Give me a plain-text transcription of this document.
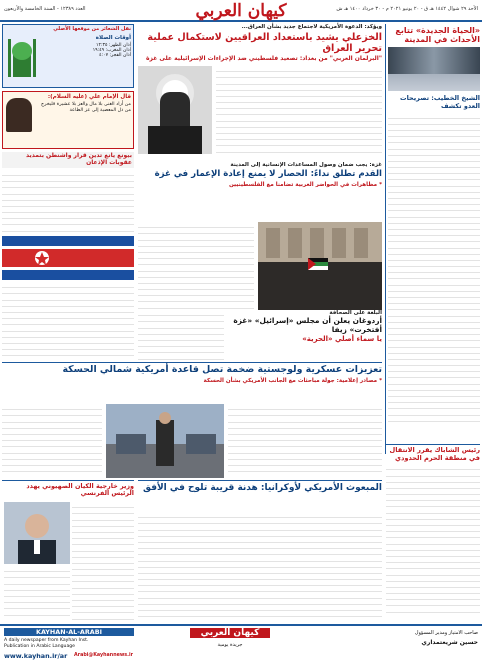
كيهان العربي	الأحد ٢٩ شوال ١٤٤٢ هـ ق - ٢٠ يونيو ٢٠٢١ م - ٣٠ خرداد ١٤٠٠ هـ ش
العدد ١٢٣٨٩ - السنة الخامسة والأربعون
«الحياة الجديدة» تتابع الأحداث في المدينة
الشيخ الخطيب: تصريحات العدو تكشف
ويؤكد: الدعوة الأمريكية لاجتماع جديد بشأن العراق...
الخزعلي يشيد باستعداد العراقيين لاستكمال عملية تحرير العراق
"البرلمان العربي" من بغداد: تصعيد فلسطيني ضد الإجراءات الإسرائيلية على غزة
نقل الشعائر من موقعها الأصلي
أوقات الصلاة
أذان الظهر: ١٢:٣٥
أذان المغرب: ١٩:٤٩
أذان الفجر: ٤:٠٧
قال الإمام علي (عليه السلام):
من أراد الغنى بلا مال والعز بلا عشيرة فليخرج من ذل المعصية إلى عز الطاعة
بيونغ يانغ تدين قرار واشنطن بتمديد عقوبات الإذعان	غزة: يجب ضمان وصول المساعدات الإنسانية إلى المدينة
القدم تطلق نداءً: الحصار لا يمنع إعادة الإعمار في غزة
* مظاهرات في الحواضر العربية تضامنا مع الفلسطينيين
تعزيزات عسكرية ولوجستية ضخمة تصل قاعدة أمريكية شمالي الحسكة
* مصادر إعلامية: جولة مباحثات مع الجانب الأمريكي بشأن الحسكة
البلغة على الصحافة
أردوغان يعلن أن مجلس «إسرائيل» «غزة أفتخرت» زيفا
يا سماء أصلي «الحرية»
المبعوث الأمريكي لأوكرانيا: هدنة قريبة تلوح في الأفق
رئيس الشاباك يقرر الانتقال في منطقة الحرم الحدودي
وزير خارجية الكيان الصهيوني يهدد الرئيس الفرنسي
KAYHAN-AL-ARABI
A daily newspaper from Kayhan Inst.
Publication in Arabic Language
www.kayhan.ir/ar	Arabi@Kayhannews.ir
كيهان العربي
جريدة يومية
صاحب الامتياز ومدير المسؤول
حسين شريعتمداري
